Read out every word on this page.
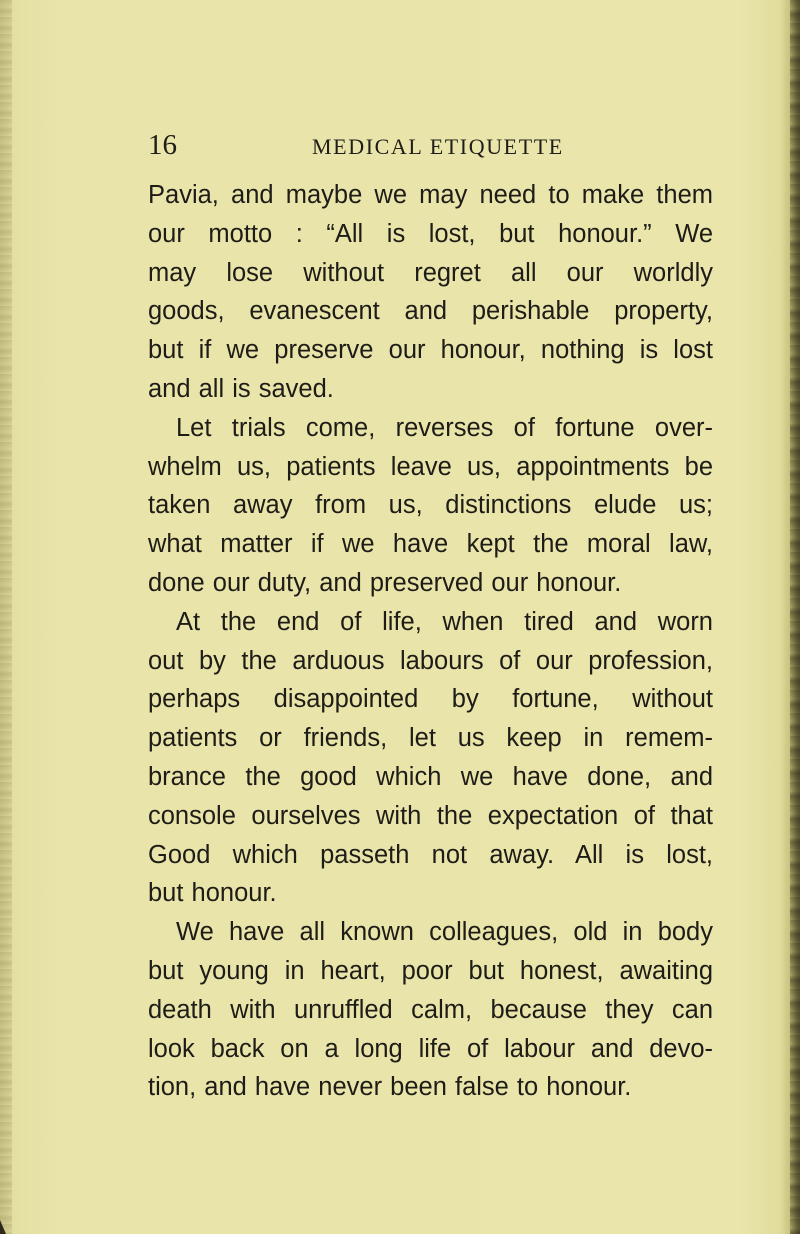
16	MEDICAL ETIQUETTE
Pavia, and maybe we may need to make them
our motto : “All is lost, but honour.” We
may lose without regret all our worldly
goods, evanescent and perishable property,
but if we preserve our honour, nothing is lost
and all is saved.
Let trials come, reverses of fortune over-
whelm us, patients leave us, appointments be
taken away from us, distinctions elude us;
what matter if we have kept the moral law,
done our duty, and preserved our honour.
At the end of life, when tired and worn
out by the arduous labours of our profession,
perhaps disappointed by fortune, without
patients or friends, let us keep in remem-
brance the good which we have done, and
console ourselves with the expectation of that
Good which passeth not away. All is lost,
but honour.
We have all known colleagues, old in body
but young in heart, poor but honest, awaiting
death with unruffled calm, because they can
look back on a long life of labour and devo-
tion, and have never been false to honour.
